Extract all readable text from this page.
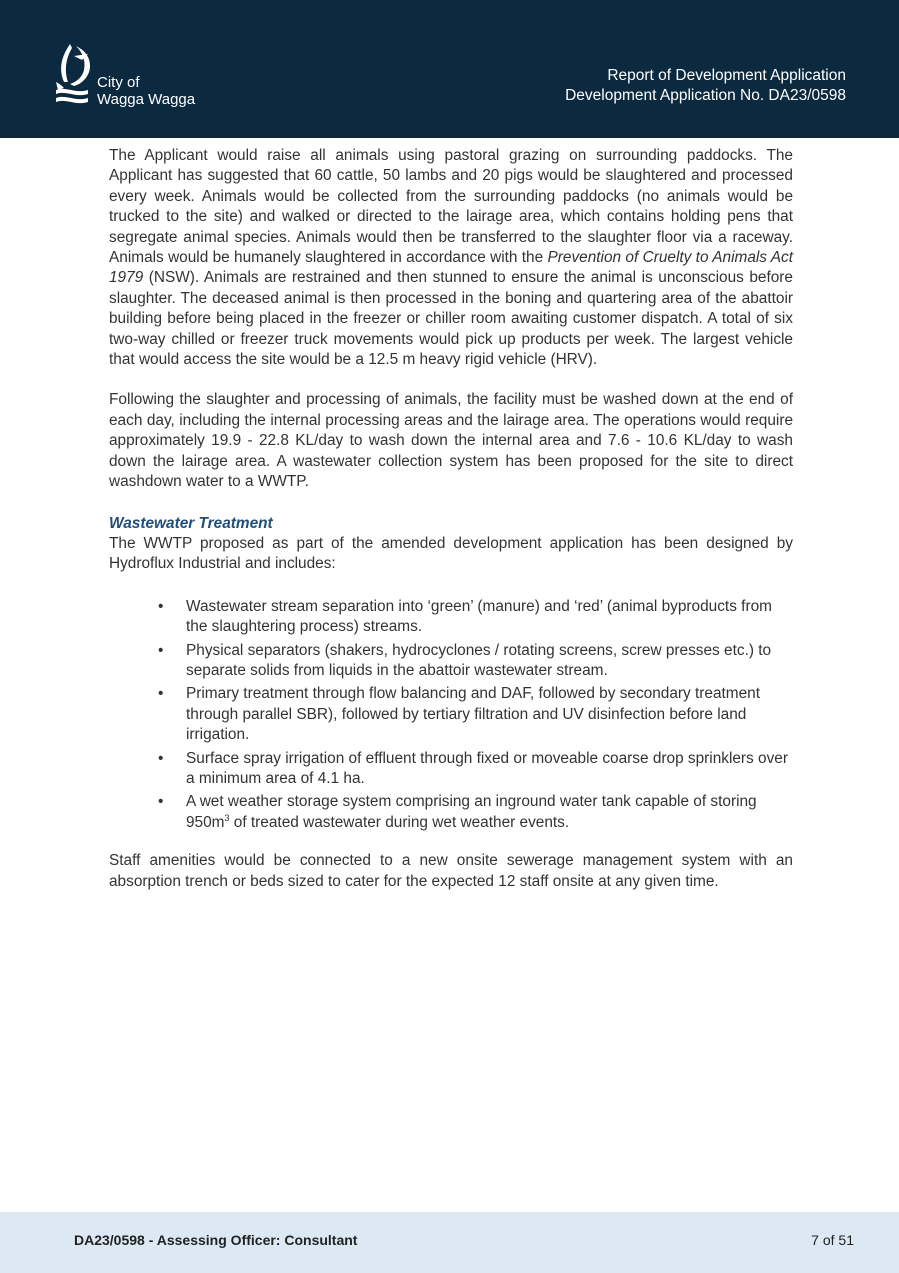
City of
Wagga Wagga
Report of Development Application
Development Application No. DA23/0598

The Applicant would raise all animals using pastoral grazing on surrounding paddocks. The Applicant has suggested that 60 cattle, 50 lambs and 20 pigs would be slaughtered and processed every week. Animals would be collected from the surrounding paddocks (no animals would be trucked to the site) and walked or directed to the lairage area, which contains holding pens that segregate animal species. Animals would then be transferred to the slaughter floor via a raceway. Animals would be humanely slaughtered in accordance with the Prevention of Cruelty to Animals Act 1979 (NSW). Animals are restrained and then stunned to ensure the animal is unconscious before slaughter. The deceased animal is then processed in the boning and quartering area of the abattoir building before being placed in the freezer or chiller room awaiting customer dispatch. A total of six two-way chilled or freezer truck movements would pick up products per week. The largest vehicle that would access the site would be a 12.5 m heavy rigid vehicle (HRV).

Following the slaughter and processing of animals, the facility must be washed down at the end of each day, including the internal processing areas and the lairage area. The operations would require approximately 19.9 - 22.8 KL/day to wash down the internal area and 7.6 - 10.6 KL/day to wash down the lairage area. A wastewater collection system has been proposed for the site to direct washdown water to a WWTP.

Wastewater Treatment

The WWTP proposed as part of the amended development application has been designed by Hydroflux Industrial and includes:

• Wastewater stream separation into ‘green’ (manure) and ‘red’ (animal byproducts from the slaughtering process) streams.
• Physical separators (shakers, hydrocyclones / rotating screens, screw presses etc.) to separate solids from liquids in the abattoir wastewater stream.
• Primary treatment through flow balancing and DAF, followed by secondary treatment through parallel SBR), followed by tertiary filtration and UV disinfection before land irrigation.
• Surface spray irrigation of effluent through fixed or moveable coarse drop sprinklers over a minimum area of 4.1 ha.
• A wet weather storage system comprising an inground water tank capable of storing $950m^3$ of treated wastewater during wet weather events.

Staff amenities would be connected to a new onsite sewerage management system with an absorption trench or beds sized to cater for the expected 12 staff onsite at any given time.

DA23/0598 - Assessing Officer: Consultant	7 of 51
